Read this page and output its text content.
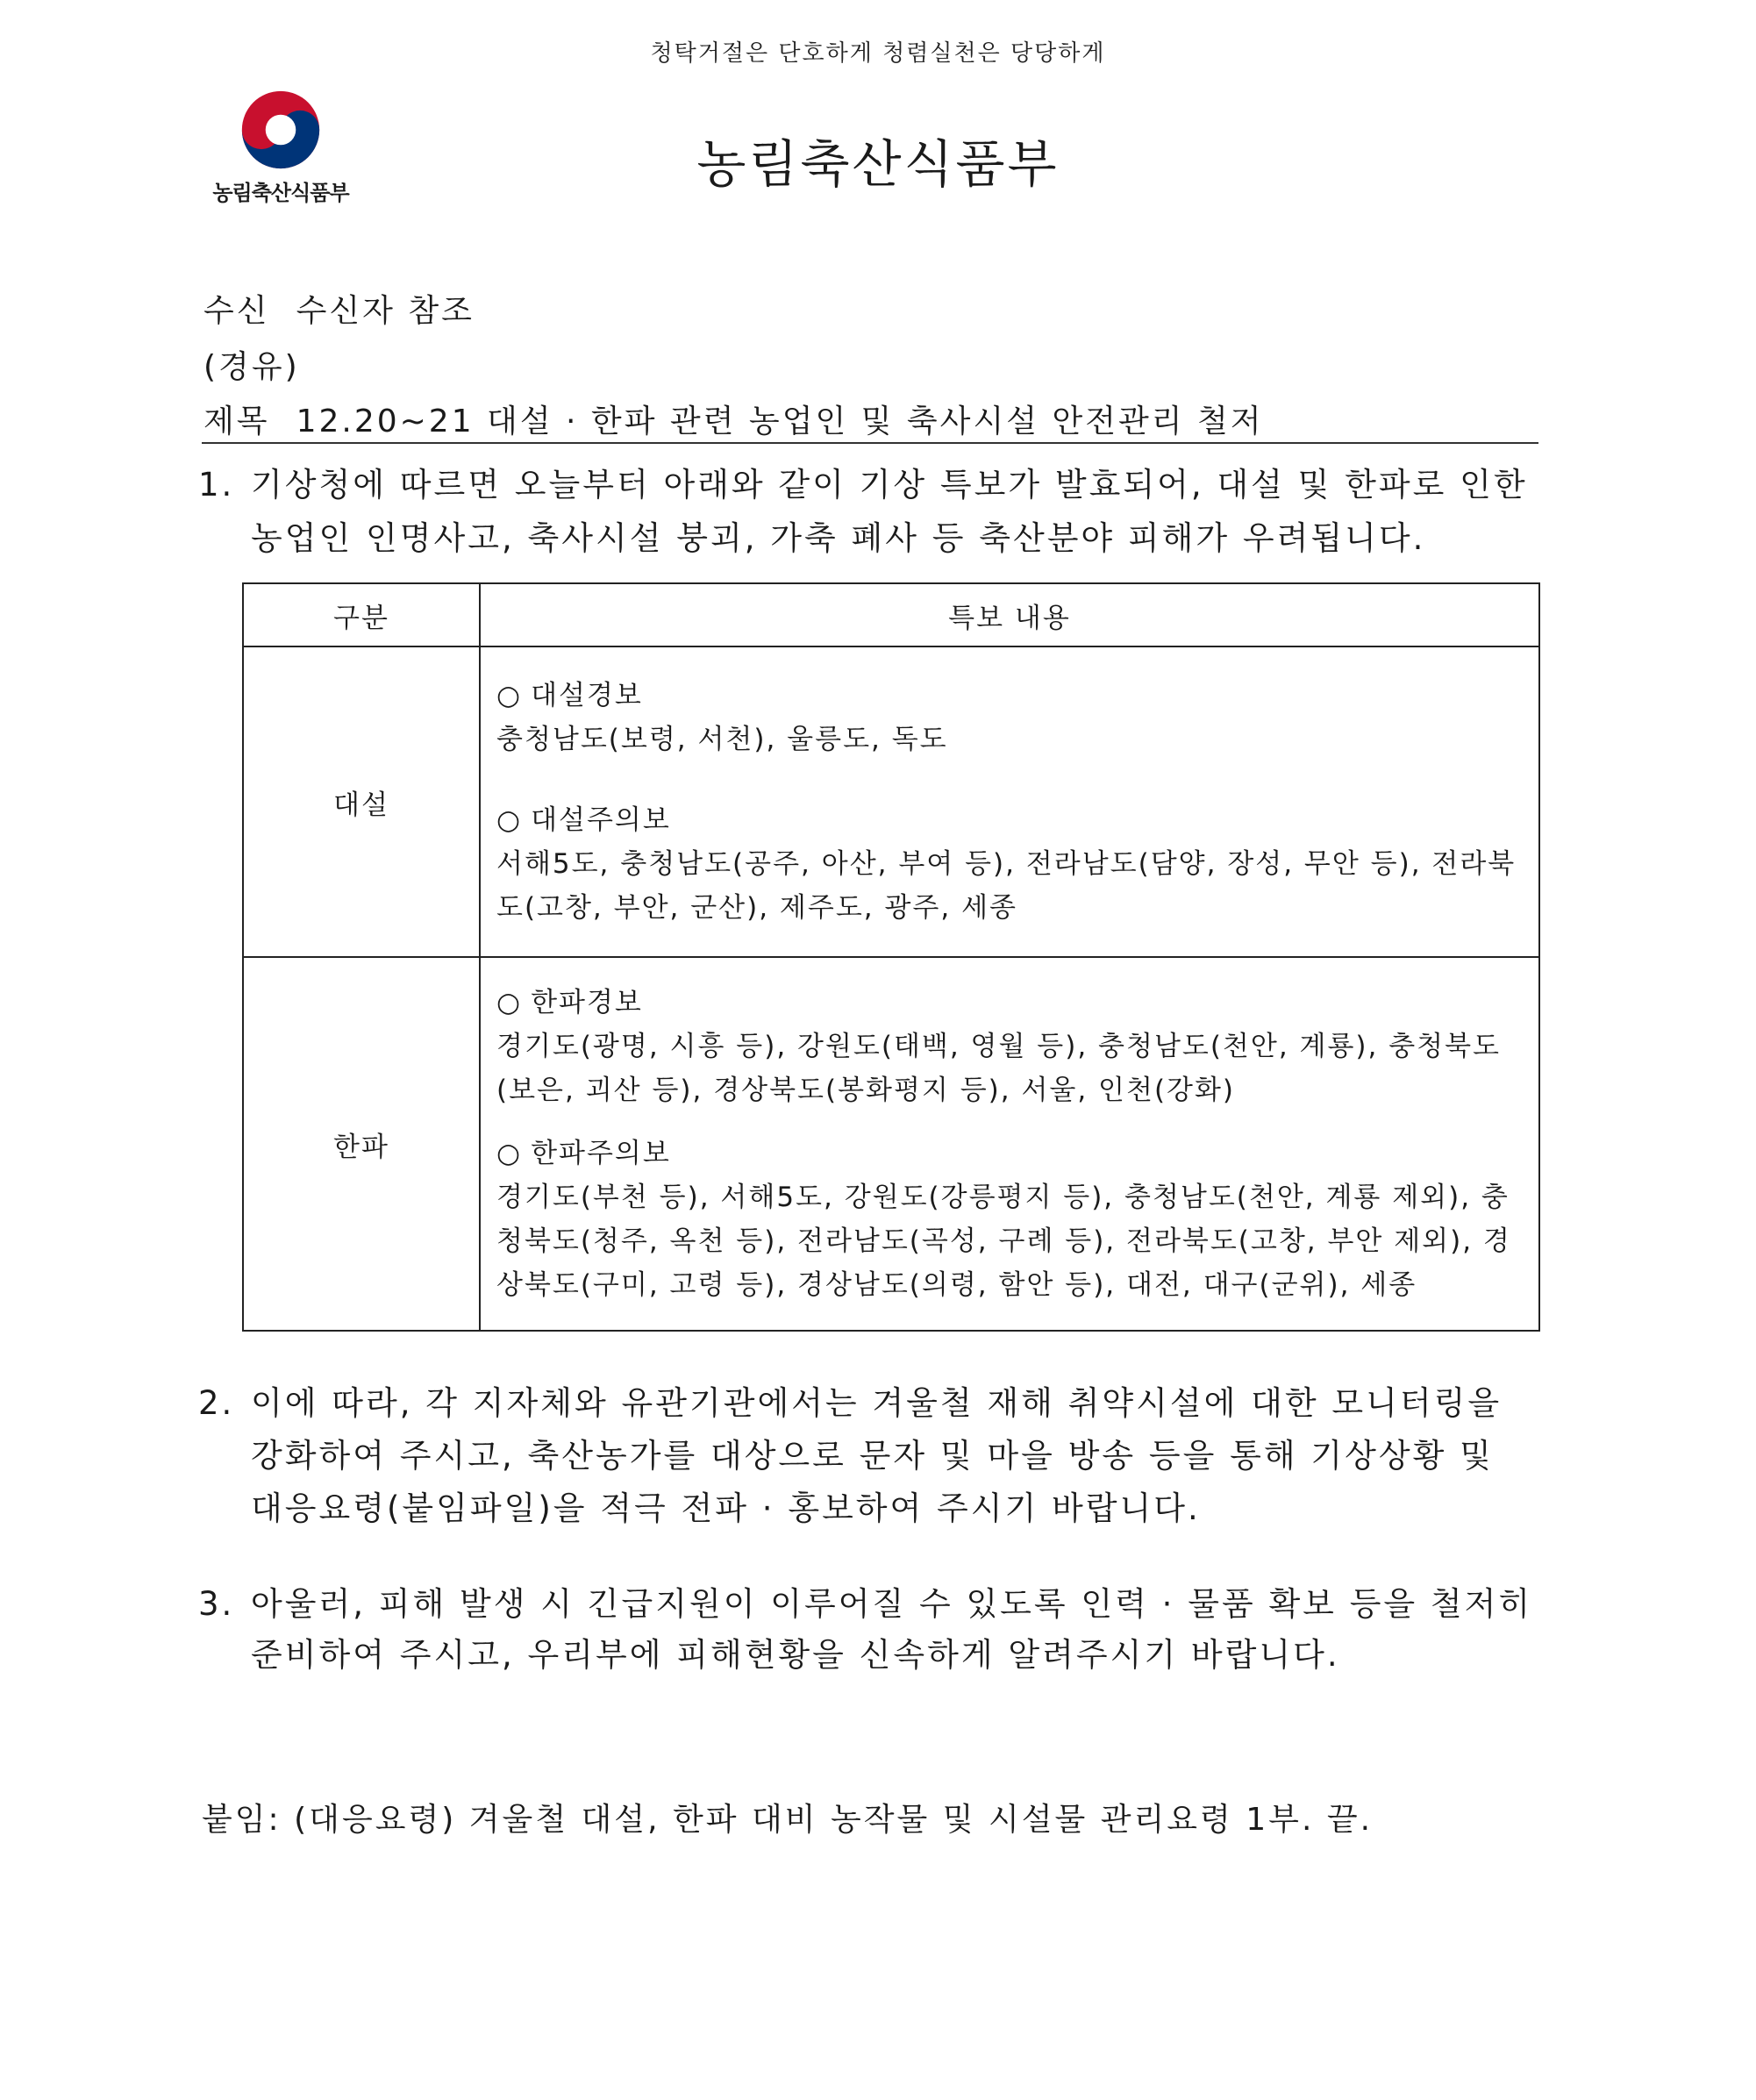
청탁거절은 단호하게 청렴실천은 당당하게
농림축산식품부	농림축산식품부
수신 수신자 참조
(경유)
제목 12.20~21 대설 · 한파 관련 농업인 및 축사시설 안전관리 철저
1. 기상청에 따르면 오늘부터 아래와 같이 기상 특보가 발효되어, 대설 및 한파로 인한
농업인 인명사고, 축사시설 붕괴, 가축 폐사 등 축산분야 피해가 우려됩니다.
구분	특보 내용
대설	○ 대설경보
충청남도(보령, 서천), 울릉도, 독도
○ 대설주의보
서해5도, 충청남도(공주, 아산, 부여 등), 전라남도(담양, 장성, 무안 등), 전라북도(고창, 부안, 군산), 제주도, 광주, 세종

한파	○ 한파경보
경기도(광명, 시흥 등), 강원도(태백, 영월 등), 충청남도(천안, 계룡), 충청북도(보은, 괴산 등), 경상북도(봉화평지 등), 서울, 인천(강화)
○ 한파주의보
경기도(부천 등), 서해5도, 강원도(강릉평지 등), 충청남도(천안, 계룡 제외), 충청북도(청주, 옥천 등), 전라남도(곡성, 구례 등), 전라북도(고창, 부안 제외), 경상북도(구미, 고령 등), 경상남도(의령, 함안 등), 대전, 대구(군위), 세종
2. 이에 따라, 각 지자체와 유관기관에서는 겨울철 재해 취약시설에 대한 모니터링을
강화하여 주시고, 축산농가를 대상으로 문자 및 마을 방송 등을 통해 기상상황 및
대응요령(붙임파일)을 적극 전파 · 홍보하여 주시기 바랍니다.
3. 아울러, 피해 발생 시 긴급지원이 이루어질 수 있도록 인력 · 물품 확보 등을 철저히
준비하여 주시고, 우리부에 피해현황을 신속하게 알려주시기 바랍니다.
붙임: (대응요령) 겨울철 대설, 한파 대비 농작물 및 시설물 관리요령 1부. 끝.
